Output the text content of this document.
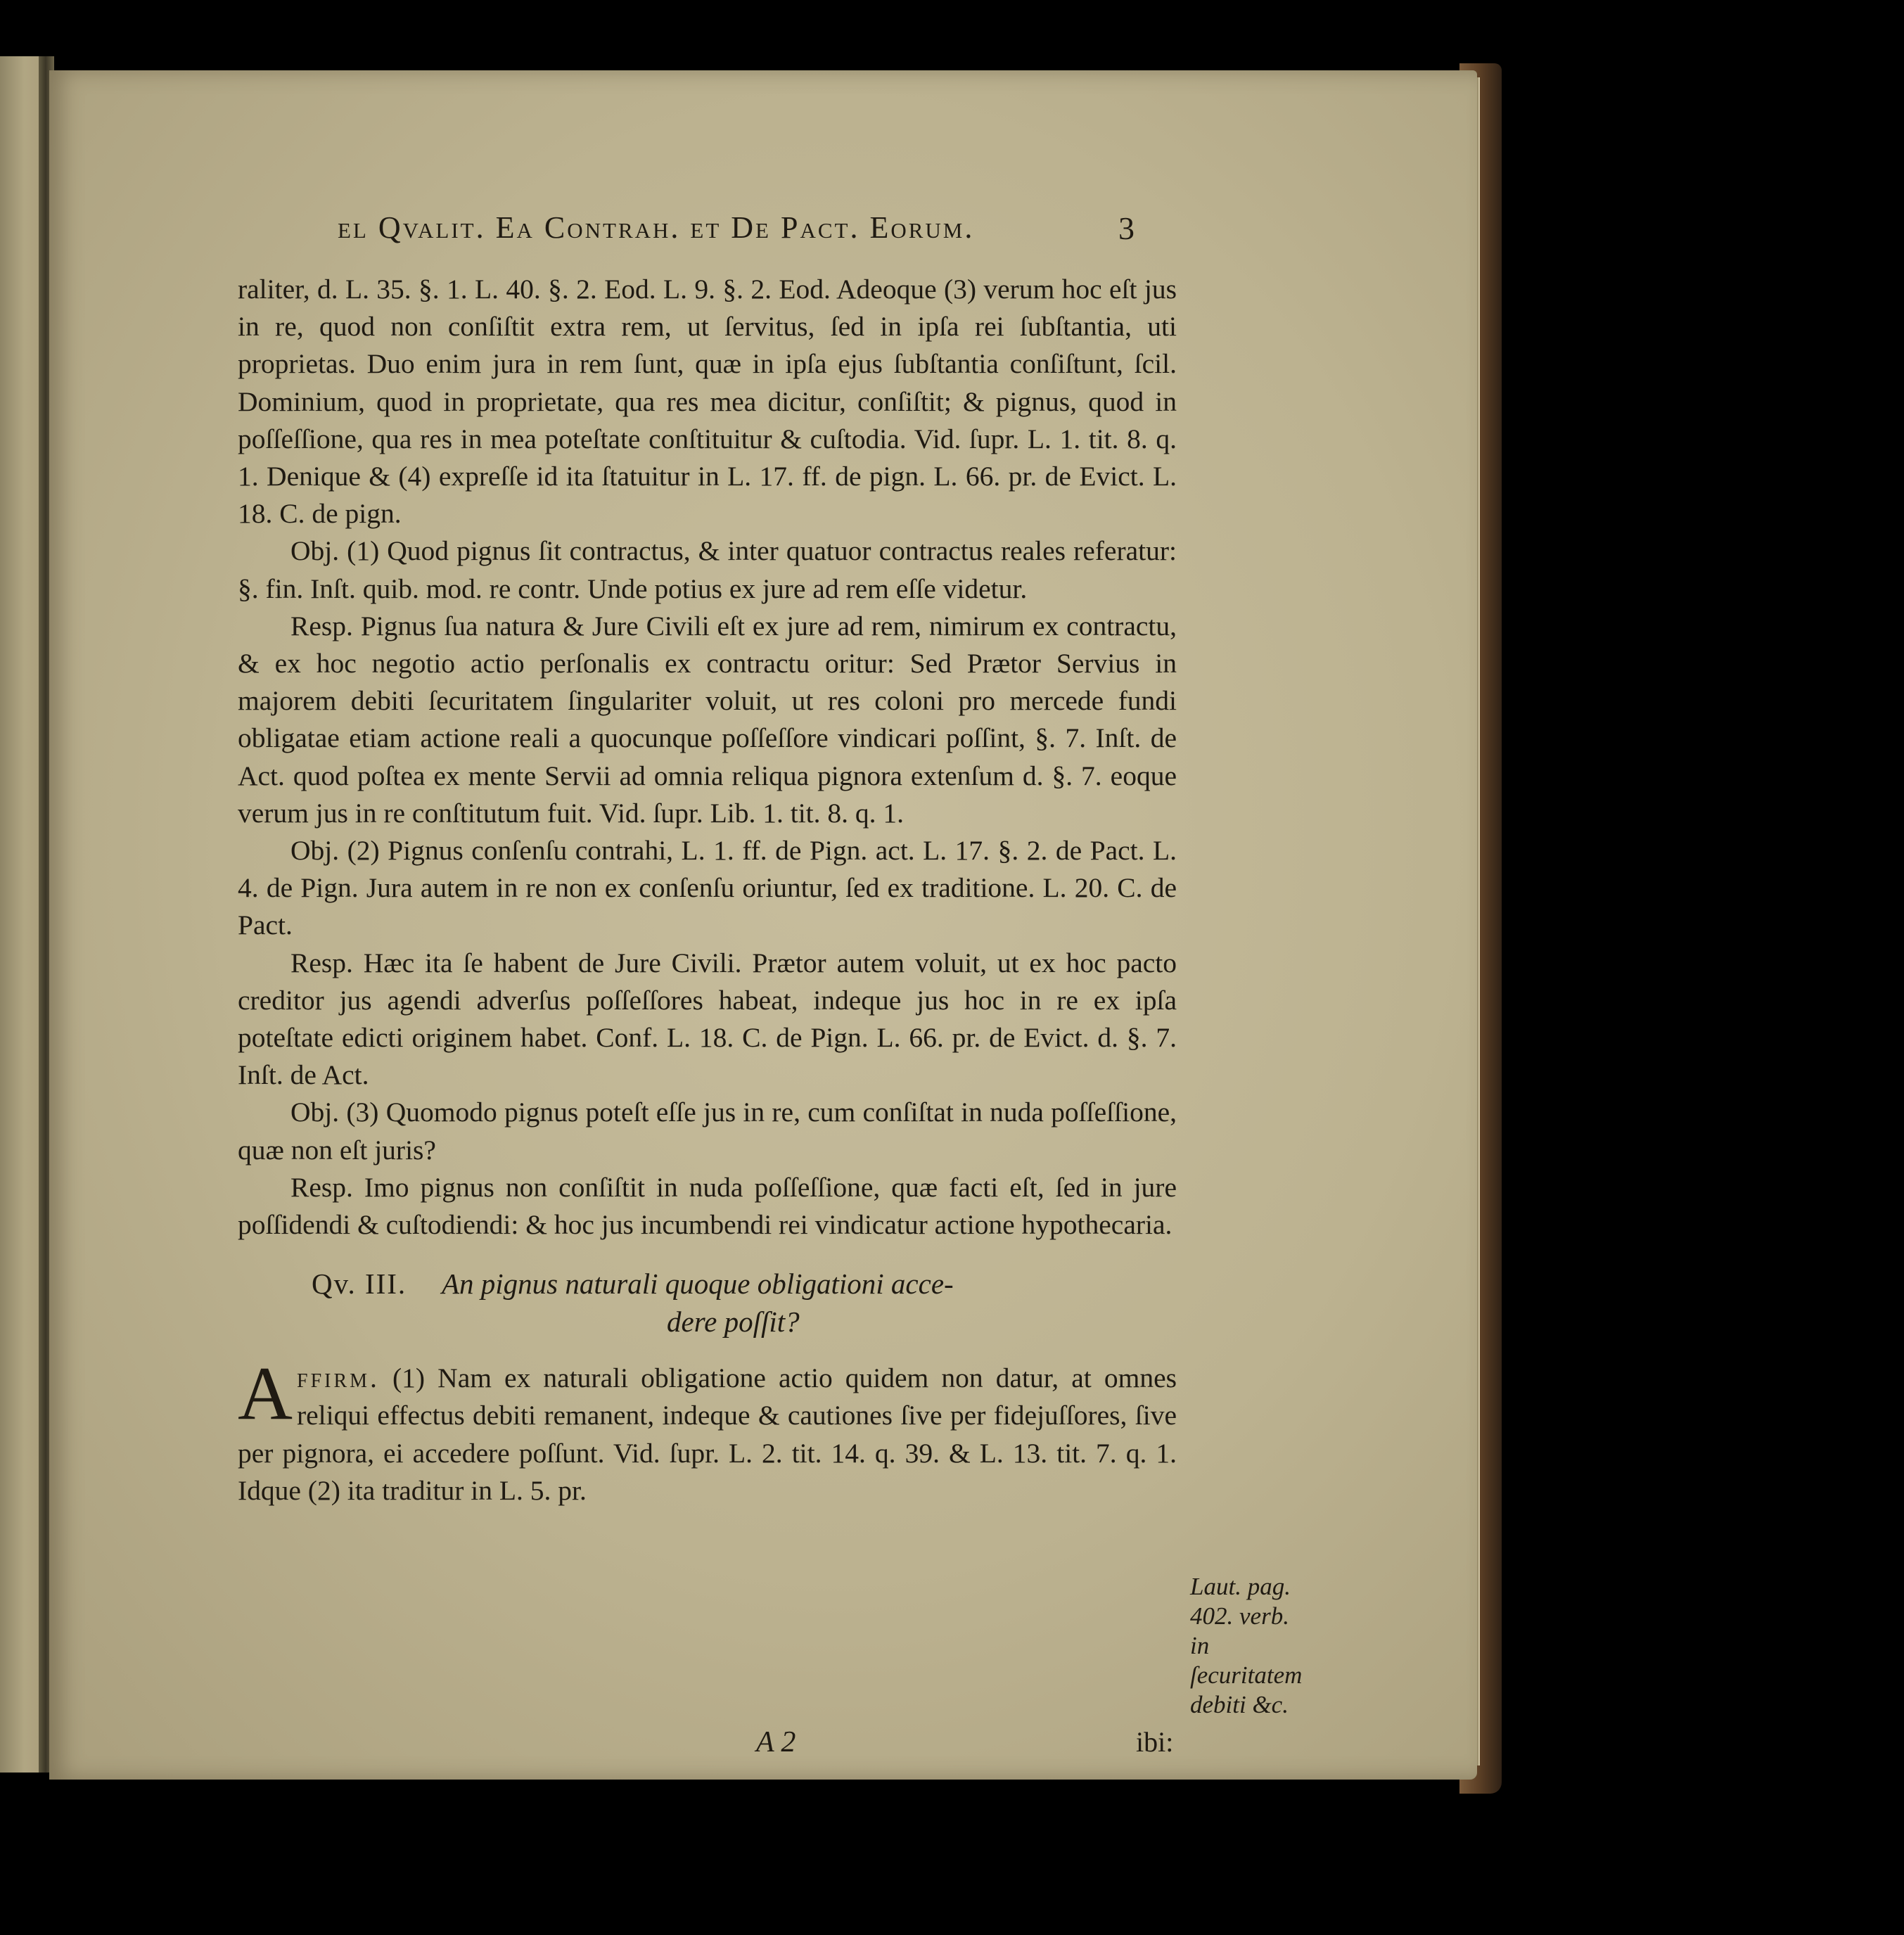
el Qvalit. Ea Contrah. et De Pact. Eorum.	3

raliter, d. L. 35. §. 1. L. 40. §. 2. Eod. L. 9. §. 2. Eod. Adeoque (3) verum hoc eſt jus in re, quod non conſiſtit extra rem, ut ſervitus, ſed in ipſa rei ſubſtantia, uti proprietas. Duo enim jura in rem ſunt, quæ in ipſa ejus ſubſtantia conſiſtunt, ſcil. Dominium, quod in proprietate, qua res mea dicitur, conſiſtit; & pignus, quod in poſſeſſione, qua res in mea poteſtate conſtituitur & cuſtodia. Vid. ſupr. L. 1. tit. 8. q. 1. Denique & (4) expreſſe id ita ſtatuitur in L. 17. ff. de pign. L. 66. pr. de Evict. L. 18. C. de pign.

Obj. (1) Quod pignus ſit contractus, & inter quatuor contractus reales referatur: §. fin. Inſt. quib. mod. re contr. Unde potius ex jure ad rem eſſe videtur.

Resp. Pignus ſua natura & Jure Civili eſt ex jure ad rem, nimirum ex contractu, & ex hoc negotio actio perſonalis ex contractu oritur: Sed Prætor Servius in majorem debiti ſecuritatem ſingulariter voluit, ut res coloni pro mercede fundi obligatae etiam actione reali a quocunque poſſeſſore vindicari poſſint, §. 7. Inſt. de Act. quod poſtea ex mente Servii ad omnia reliqua pignora extenſum d. §. 7. eoque verum jus in re conſtitutum fuit. Vid. ſupr. Lib. 1. tit. 8. q. 1.

Obj. (2) Pignus conſenſu contrahi, L. 1. ff. de Pign. act. L. 17. §. 2. de Pact. L. 4. de Pign. Jura autem in re non ex conſenſu oriuntur, ſed ex traditione. L. 20. C. de Pact.

Resp. Hæc ita ſe habent de Jure Civili. Prætor autem voluit, ut ex hoc pacto creditor jus agendi adverſus poſſeſſores habeat, indeque jus hoc in re ex ipſa poteſtate edicti originem habet. Conf. L. 18. C. de Pign. L. 66. pr. de Evict. d. §. 7. Inſt. de Act.

Obj. (3) Quomodo pignus poteſt eſſe jus in re, cum conſiſtat in nuda poſſeſſione, quæ non eſt juris?

Resp. Imo pignus non conſiſtit in nuda poſſeſſione, quæ facti eſt, ſed in jure poſſidendi & cuſtodiendi: & hoc jus incumbendi rei vindicatur actione hypothecaria.

Qv. III. An pignus naturali quoque obligationi acce-
dere poſſit?

A ffirm. (1) Nam ex naturali obligatione actio quidem non datur, at omnes reliqui effectus debiti remanent, indeque & cautiones ſive per fidejuſſores, ſive per pignora, ei accedere poſſunt. Vid. ſupr. L. 2. tit. 14. q. 39. & L. 13. tit. 7. q. 1. Idque (2) ita traditur in L. 5. pr.

Laut. pag. 402. verb. in ſecuritatem debiti &c.
A 2	ibi:
